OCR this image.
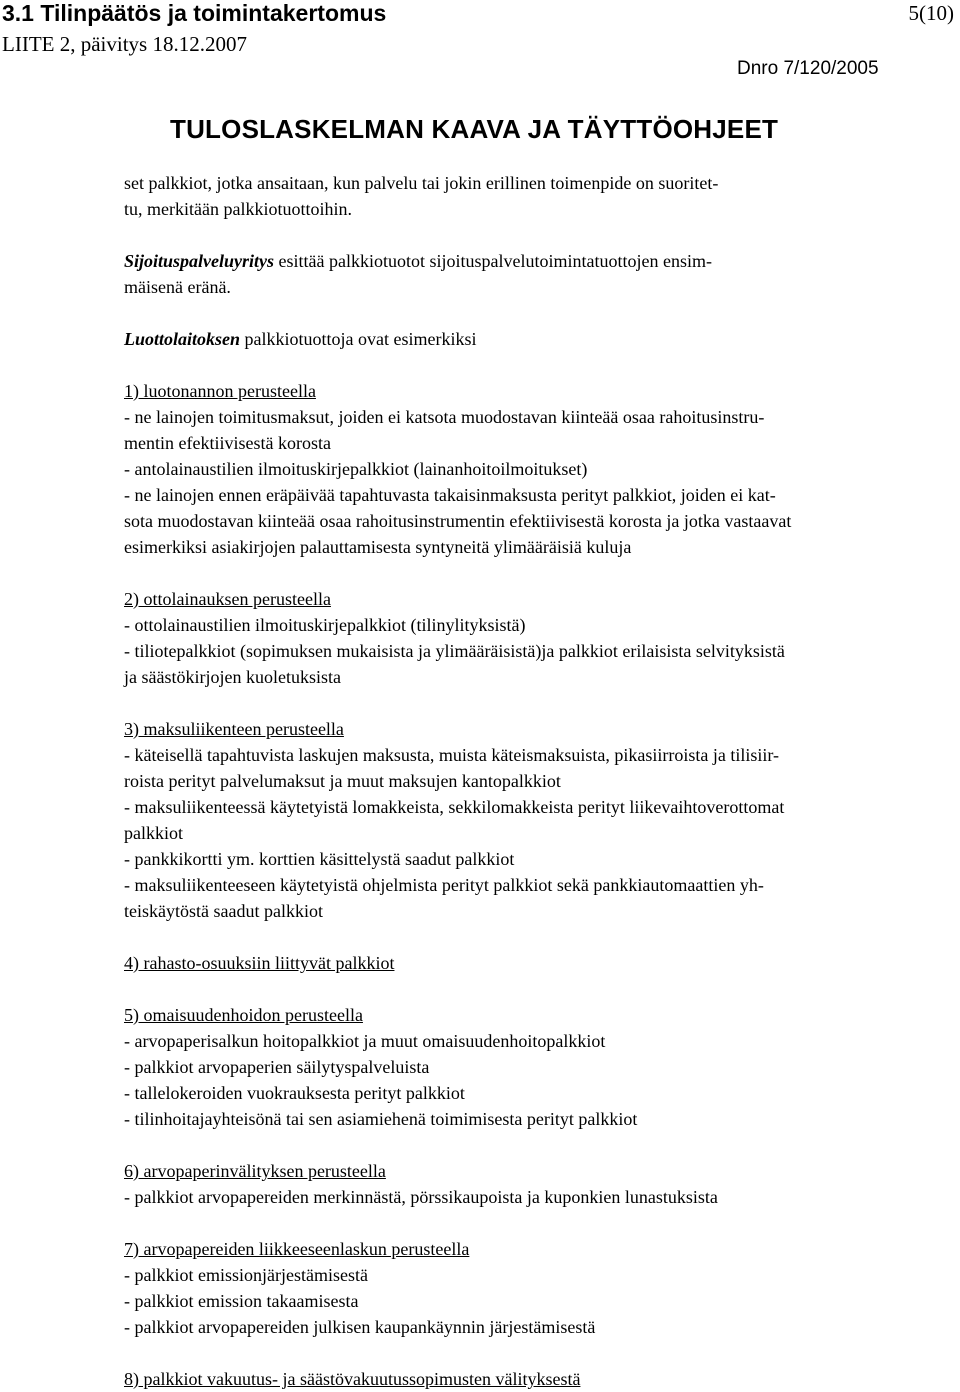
3.1 Tilinpäätös ja toimintakertomus
LIITE 2, päivitys 18.12.2007
5(10)
Dnro 7/120/2005
TULOSLASKELMAN KAAVA JA TÄYTTÖOHJEET

set palkkiot, jotka ansaitaan, kun palvelu tai jokin erillinen toimenpide on suoritet-

tu, merkitään palkkiotuottoihin.

Sijoituspalveluyritys esittää palkkiotuotot sijoituspalvelutoimintatuottojen ensim-

mäisenä eränä.

Luottolaitoksen palkkiotuottoja ovat esimerkiksi

1) luotonannon perusteella

- ne lainojen toimitusmaksut, joiden ei katsota muodostavan kiinteää osaa rahoitusinstru-

mentin efektiivisestä korosta

- antolainaustilien ilmoituskirjepalkkiot (lainanhoitoilmoitukset)

- ne lainojen ennen eräpäivää tapahtuvasta takaisinmaksusta perityt palkkiot, joiden ei kat-

sota muodostavan kiinteää osaa rahoitusinstrumentin efektiivisestä korosta ja jotka vastaavat

esimerkiksi asiakirjojen palauttamisesta syntyneitä ylimääräisiä kuluja

2) ottolainauksen perusteella

- ottolainaustilien ilmoituskirjepalkkiot (tilinylityksistä)

- tiliotepalkkiot (sopimuksen mukaisista ja ylimääräisistä)ja palkkiot erilaisista selvityksistä

ja säästökirjojen kuoletuksista

3) maksuliikenteen perusteella

- käteisellä tapahtuvista laskujen maksusta, muista käteismaksuista, pikasiirroista ja tilisiir-

roista perityt palvelumaksut ja muut maksujen kantopalkkiot

- maksuliikenteessä käytetyistä lomakkeista, sekkilomakkeista perityt liikevaihtoverottomat

palkkiot

- pankkikortti ym. korttien käsittelystä saadut palkkiot

- maksuliikenteeseen käytetyistä ohjelmista perityt palkkiot sekä pankkiautomaattien yh-

teiskäytöstä saadut palkkiot

4) rahasto-osuuksiin liittyvät palkkiot

5) omaisuudenhoidon perusteella

- arvopaperisalkun hoitopalkkiot ja muut omaisuudenhoitopalkkiot

- palkkiot arvopaperien säilytyspalveluista

- tallelokeroiden vuokrauksesta perityt palkkiot

- tilinhoitajayhteisönä tai sen asiamiehenä toimimisesta perityt palkkiot

6) arvopaperinvälityksen perusteella

- palkkiot arvopapereiden merkinnästä, pörssikaupoista ja kuponkien lunastuksista

7) arvopapereiden liikkeeseenlaskun perusteella

- palkkiot emissionjärjestämisestä

- palkkiot emission takaamisesta

- palkkiot arvopapereiden julkisen kaupankäynnin järjestämisestä

8) palkkiot vakuutus- ja säästövakuutussopimusten välityksestä
